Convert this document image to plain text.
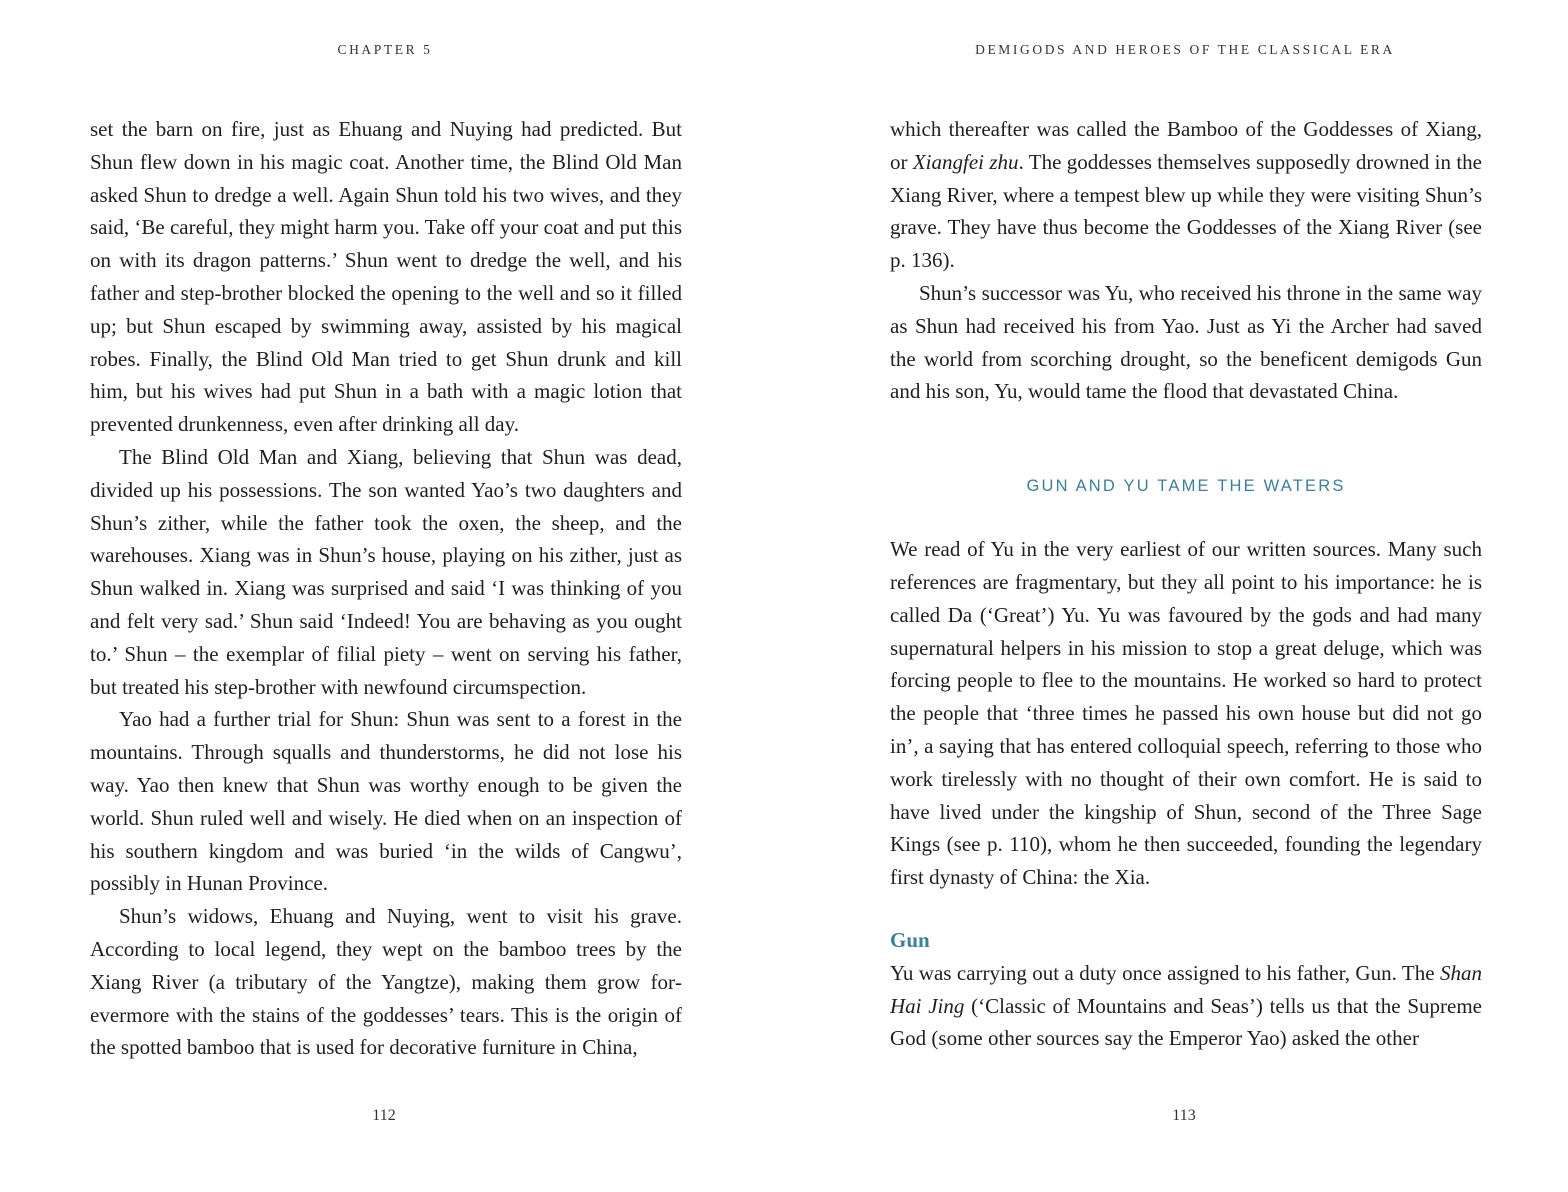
CHAPTER 5

set the barn on fire, just as Ehuang and Nuying had predicted. But Shun flew down in his magic coat. Another time, the Blind Old Man asked Shun to dredge a well. Again Shun told his two wives, and they said, ‘Be careful, they might harm you. Take off your coat and put this on with its dragon patterns.’ Shun went to dredge the well, and his father and step-brother blocked the opening to the well and so it filled up; but Shun escaped by swimming away, assisted by his magical robes. Finally, the Blind Old Man tried to get Shun drunk and kill him, but his wives had put Shun in a bath with a magic lotion that prevented drunkenness, even after drinking all day.

The Blind Old Man and Xiang, believing that Shun was dead, divided up his possessions. The son wanted Yao’s two daughters and Shun’s zither, while the father took the oxen, the sheep, and the warehouses. Xiang was in Shun’s house, playing on his zither, just as Shun walked in. Xiang was surprised and said ‘I was thinking of you and felt very sad.’ Shun said ‘Indeed! You are behaving as you ought to.’ Shun – the exemplar of filial piety – went on serving his father, but treated his step-brother with newfound circumspection.

Yao had a further trial for Shun: Shun was sent to a forest in the mountains. Through squalls and thunderstorms, he did not lose his way. Yao then knew that Shun was worthy enough to be given the world. Shun ruled well and wisely. He died when on an inspection of his southern kingdom and was buried ‘in the wilds of Cangwu’, possibly in Hunan Province.

Shun’s widows, Ehuang and Nuying, went to visit his grave. According to local legend, they wept on the bamboo trees by the Xiang River (a tributary of the Yangtze), making them grow forevermore with the stains of the goddesses’ tears. This is the origin of the spotted bamboo that is used for decorative furniture in China,

112
DEMIGODS AND HEROES OF THE CLASSICAL ERA

which thereafter was called the Bamboo of the Goddesses of Xiang, or Xiangfei zhu. The goddesses themselves supposedly drowned in the Xiang River, where a tempest blew up while they were visiting Shun’s grave. They have thus become the Goddesses of the Xiang River (see p. 136).

Shun’s successor was Yu, who received his throne in the same way as Shun had received his from Yao. Just as Yi the Archer had saved the world from scorching drought, so the beneficent demigods Gun and his son, Yu, would tame the flood that devastated China.

GUN AND YU TAME THE WATERS

We read of Yu in the very earliest of our written sources. Many such references are fragmentary, but they all point to his importance: he is called Da (‘Great’) Yu. Yu was favoured by the gods and had many supernatural helpers in his mission to stop a great deluge, which was forcing people to flee to the mountains. He worked so hard to protect the people that ‘three times he passed his own house but did not go in’, a saying that has entered colloquial speech, referring to those who work tirelessly with no thought of their own comfort. He is said to have lived under the kingship of Shun, second of the Three Sage Kings (see p. 110), whom he then succeeded, founding the legendary first dynasty of China: the Xia.

Gun

Yu was carrying out a duty once assigned to his father, Gun. The Shan Hai Jing (‘Classic of Mountains and Seas’) tells us that the Supreme God (some other sources say the Emperor Yao) asked the other

113
